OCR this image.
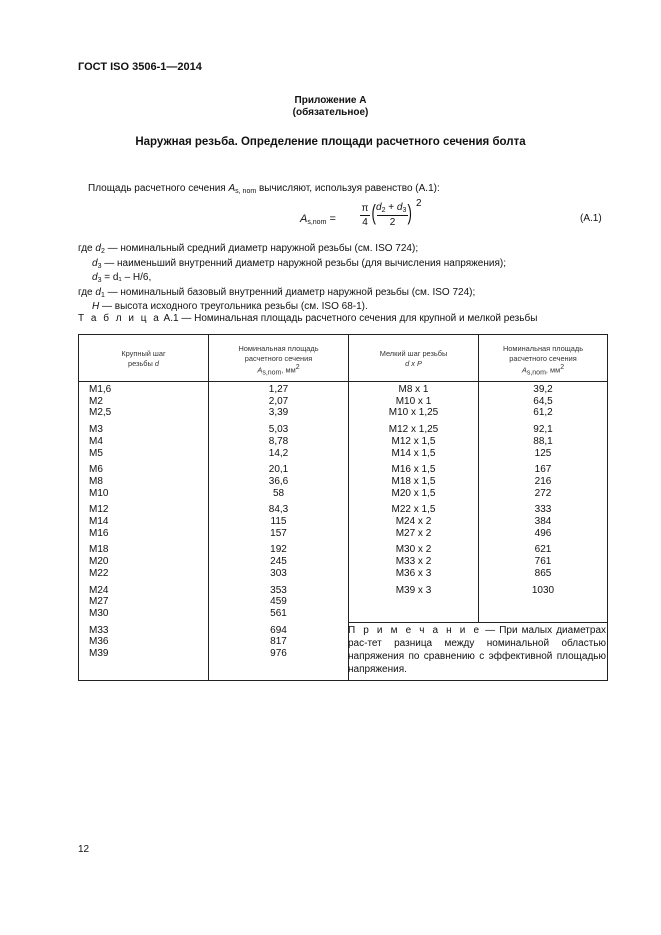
ГОСТ ISO 3506-1—2014
Приложение А
(обязательное)
Наружная резьба. Определение площади расчетного сечения болта
Площадь расчетного сечения $A_{s, nom}$ вычисляют, используя равенство (А.1):
$A_{s,nom}$ =
π
4 ( $d_2 + d_3$
2 ) 2
(А.1)
где $d_2$ — номинальный средний диаметр наружной резьбы (см. ISO 724);
$d_3$ — наименьший внутренний диаметр наружной резьбы (для вычисления напряжения);
$d_3 = d_1 - H/6$,
где $d_1$ — номинальный базовый внутренний диаметр наружной резьбы (см. ISO 724);
H — высота исходного треугольника резьбы (см. ISO 68-1).
Т а б л и ц а А.1 — Номинальная площадь расчетного сечения для крупной и мелкой резьбы
Крупный шаг
резьбы d
Номинальная площадь
расчетного сечения
$A_{s,nom}$, $мм^2$
Мелкий шаг резьбы
d x P
Номинальная площадь
расчетного сечения
$A_{s,nom}$, $мм^2$
M1,6
M2
M2,5
M3
M4
M5
M6
M8
M10
M12
M14
M16
M18
M20
M22
M24
M27
M30
M33
M36
M39
1,27
2,07
3,39
5,03
8,78
14,2
20,1
36,6
58
84,3
115
157
192
245
303
353
459
561
694
817
976
M8 x 1
M10 x 1
M10 x 1,25
M12 x 1,25
M12 x 1,5
M14 x 1,5
M16 x 1,5
M18 x 1,5
M20 x 1,5
M22 x 1,5
M24 x 2
M27 x 2
M30 x 2
M33 x 2
M36 x 3
M39 x 3
39,2
64,5
61,2
92,1
88,1
125
167
216
272
333
384
496
621
761
865
1030
П р и м е ч а н и е — При малых диаметрах рас-тет разница между номинальной областью напряжения по сравнению с эффективной площадью напряжения.
12
